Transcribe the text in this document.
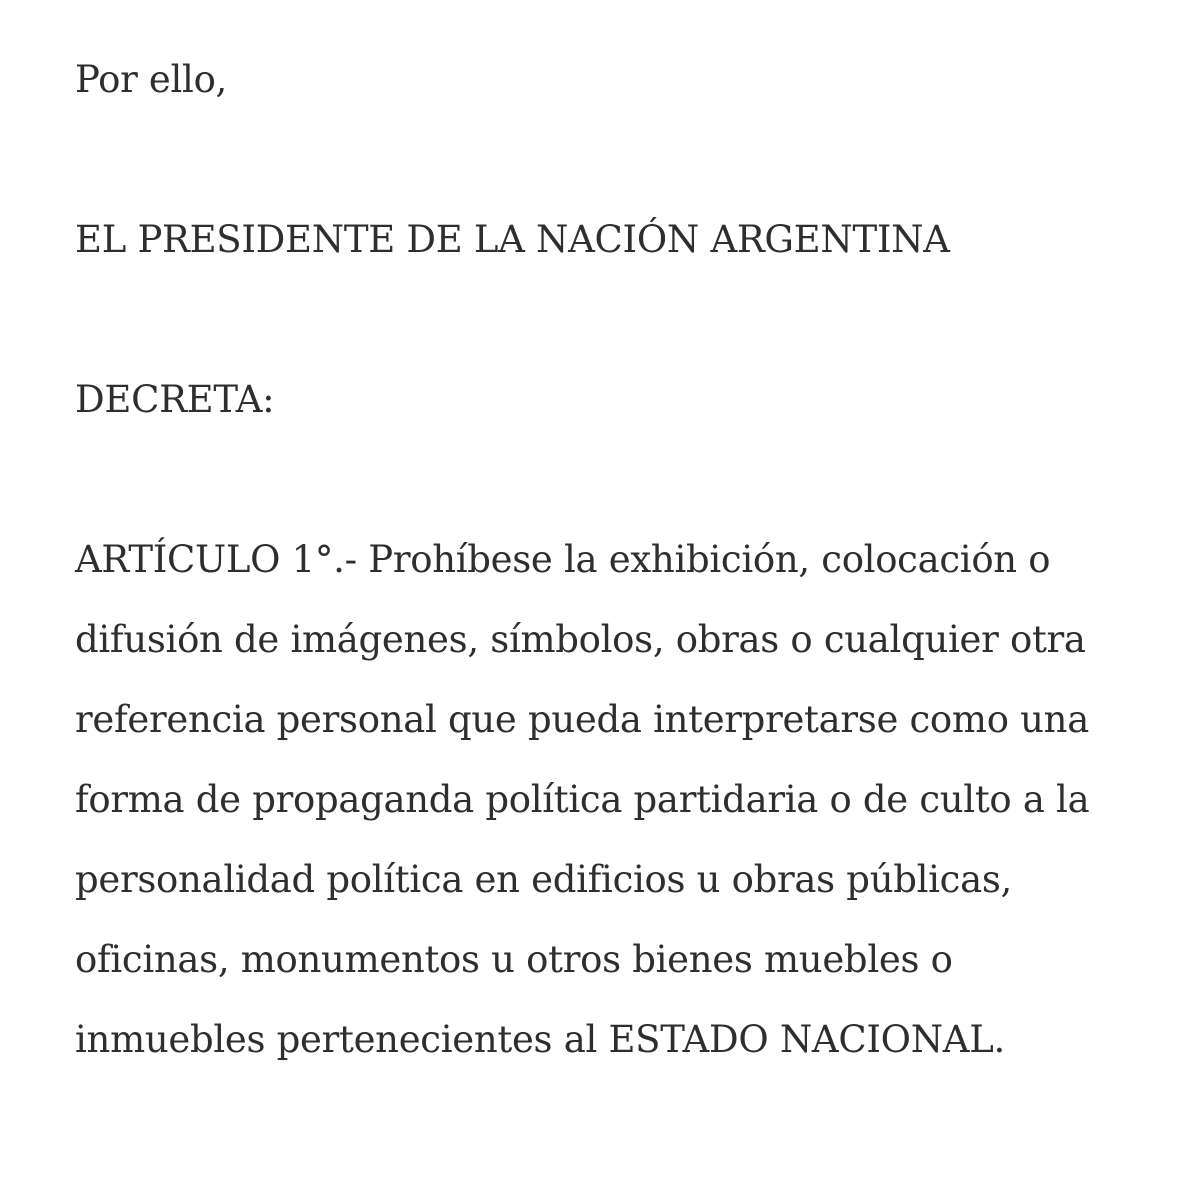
Por ello,

EL PRESIDENTE DE LA NACIÓN ARGENTINA

DECRETA:

ARTÍCULO 1°.- Prohíbese la exhibición, colocación o difusión de imágenes, símbolos, obras o cualquier otra referencia personal que pueda interpretarse como una forma de propaganda política partidaria o de culto a la personalidad política en edificios u obras públicas, oficinas, monumentos u otros bienes muebles o inmuebles pertenecientes al ESTADO NACIONAL.
